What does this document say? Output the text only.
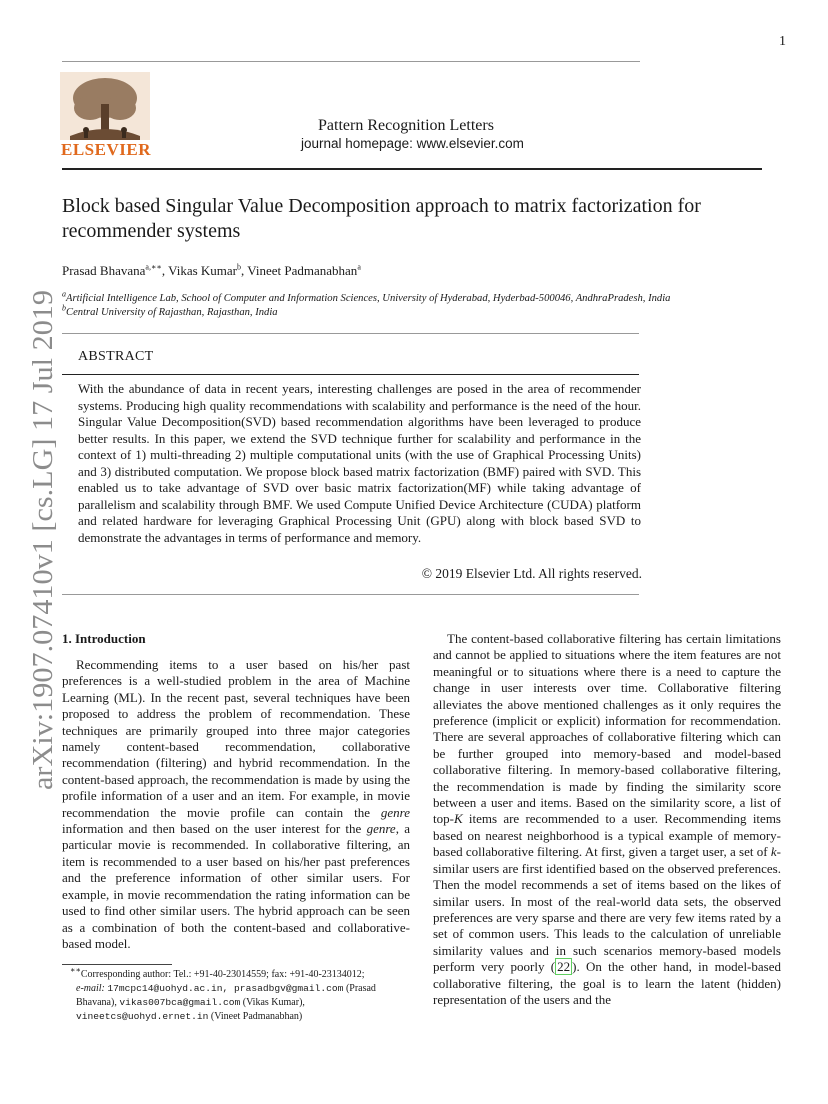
1
ELSEVIER
Pattern Recognition Letters
journal homepage: www.elsevier.com
arXiv:1907.07410v1 [cs.LG] 17 Jul 2019
Block based Singular Value Decomposition approach to matrix factorization for recommender systems
Prasad Bhavana$^{a,∗∗}$, Vikas Kumar$^b$, Vineet Padmanabhan$^a$
$^a$Artificial Intelligence Lab, School of Computer and Information Sciences, University of Hyderabad, Hyderbad-500046, AndhraPradesh, India
$^b$Central University of Rajasthan, Rajasthan, India
ABSTRACT
With the abundance of data in recent years, interesting challenges are posed in the area of recommender systems. Producing high quality recommendations with scalability and performance is the need of the hour. Singular Value Decomposition(SVD) based recommendation algorithms have been leveraged to produce better results. In this paper, we extend the SVD technique further for scalability and performance in the context of 1) multi-threading 2) multiple computational units (with the use of Graphical Processing Units) and 3) distributed computation. We propose block based matrix factorization (BMF) paired with SVD. This enabled us to take advantage of SVD over basic matrix factorization(MF) while taking advantage of parallelism and scalability through BMF. We used Compute Unified Device Architecture (CUDA) platform and related hardware for leveraging Graphical Processing Unit (GPU) along with block based SVD to demonstrate the advantages in terms of performance and memory.
© 2019 Elsevier Ltd. All rights reserved.
1. Introduction

Recommending items to a user based on his/her past preferences is a well-studied problem in the area of Machine Learning (ML). In the recent past, several techniques have been proposed to address the problem of recommendation. These techniques are primarily grouped into three major categories namely content-based recommendation, collaborative recommendation (filtering) and hybrid recommendation. In the content-based approach, the recommendation is made by using the profile information of a user and an item. For example, in movie recommendation the movie profile can contain the genre information and then based on the user interest for the genre, a particular movie is recommended. In collaborative filtering, an item is recommended to a user based on his/her past preferences and the preference information of other similar users. For example, in movie recommendation the rating information can be used to find other similar users. The hybrid approach can be seen as a combination of both the content-based and collaborative-based model.

∗∗Corresponding author: Tel.: +91-40-23014559; fax: +91-40-23134012;
e-mail: 17mcpc14@uohyd.ac.in, prasadbgv@gmail.com (Prasad Bhavana), vikas007bca@gmail.com (Vikas Kumar),
vineetcs@uohyd.ernet.in (Vineet Padmanabhan)

The content-based collaborative filtering has certain limitations and cannot be applied to situations where the item features are not meaningful or to situations where there is a need to capture the change in user interests over time. Collaborative filtering alleviates the above mentioned challenges as it only requires the preference (implicit or explicit) information for recommendation. There are several approaches of collaborative filtering which can be further grouped into memory-based and model-based collaborative filtering. In memory-based collaborative filtering, the recommendation is made by finding the similarity score between a user and items. Based on the similarity score, a list of top-K items are recommended to a user. Recommending items based on nearest neighborhood is a typical example of memory-based collaborative filtering. At first, given a target user, a set of k-similar users are first identified based on the observed preferences. Then the model recommends a set of items based on the likes of similar users. In most of the real-world data sets, the observed preferences are very sparse and there are very few items rated by a set of common users. This leads to the calculation of unreliable similarity values and in such scenarios memory-based models perform very poorly ( 22 ). On the other hand, in model-based collaborative filtering, the goal is to learn the latent (hidden) representation of the users and the
